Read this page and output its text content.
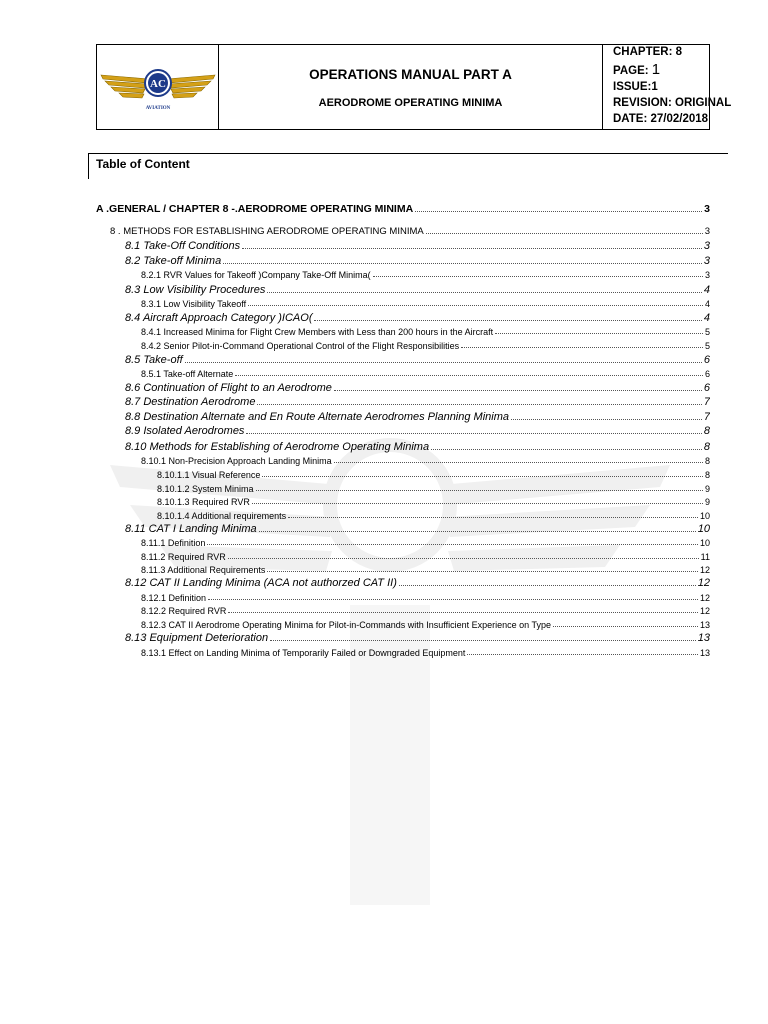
AC
AVIATION
OPERATIONS MANUAL PART A
AERODROME OPERATING MINIMA
CHAPTER: 8
PAGE: 1
ISSUE:1
REVISION: ORIGINAL
DATE: 27/02/2018
Table of Content
A .GENERAL / CHAPTER 8 -.AERODROME OPERATING MINIMA	3
8 . METHODS FOR ESTABLISHING AERODROME OPERATING MINIMA	3
8.1 Take-Off Conditions	3
8.2 Take-off Minima	3
8.2.1 RVR Values for Takeoff )Company Take-Off Minima(	3
8.3 Low Visibility Procedures	4
8.3.1 Low Visibility Takeoff	4
8.4 Aircraft Approach Category )ICAO(	4
8.4.1 Increased Minima for Flight Crew Members with Less than 200 hours in the Aircraft	5
8.4.2 Senior Pilot-in-Command Operational Control of the Flight Responsibilities	5
8.5 Take-off	6
8.5.1 Take-off Alternate	6
8.6 Continuation of Flight to an Aerodrome	6
8.7 Destination Aerodrome	7
8.8 Destination Alternate and En Route Alternate Aerodromes Planning Minima	7
8.9 Isolated Aerodromes	8
8.10 Methods for Establishing of Aerodrome Operating Minima	8
8.10.1 Non-Precision Approach Landing Minima	8
8.10.1.1 Visual Reference	8
8.10.1.2 System Minima	9
8.10.1.3 Required RVR	9
8.10.1.4 Additional requirements	10
8.11 CAT I Landing Minima	10
8.11.1 Definition	10
8.11.2 Required RVR	11
8.11.3 Additional Requirements	12
8.12 CAT II Landing Minima (ACA not authorzed CAT II)	12
8.12.1 Definition	12
8.12.2 Required RVR	12
8.12.3 CAT II Aerodrome Operating Minima for Pilot-in-Commands with Insufficient Experience on Type	13
8.13 Equipment Deterioration	13
8.13.1 Effect on Landing Minima of Temporarily Failed or Downgraded Equipment	13
